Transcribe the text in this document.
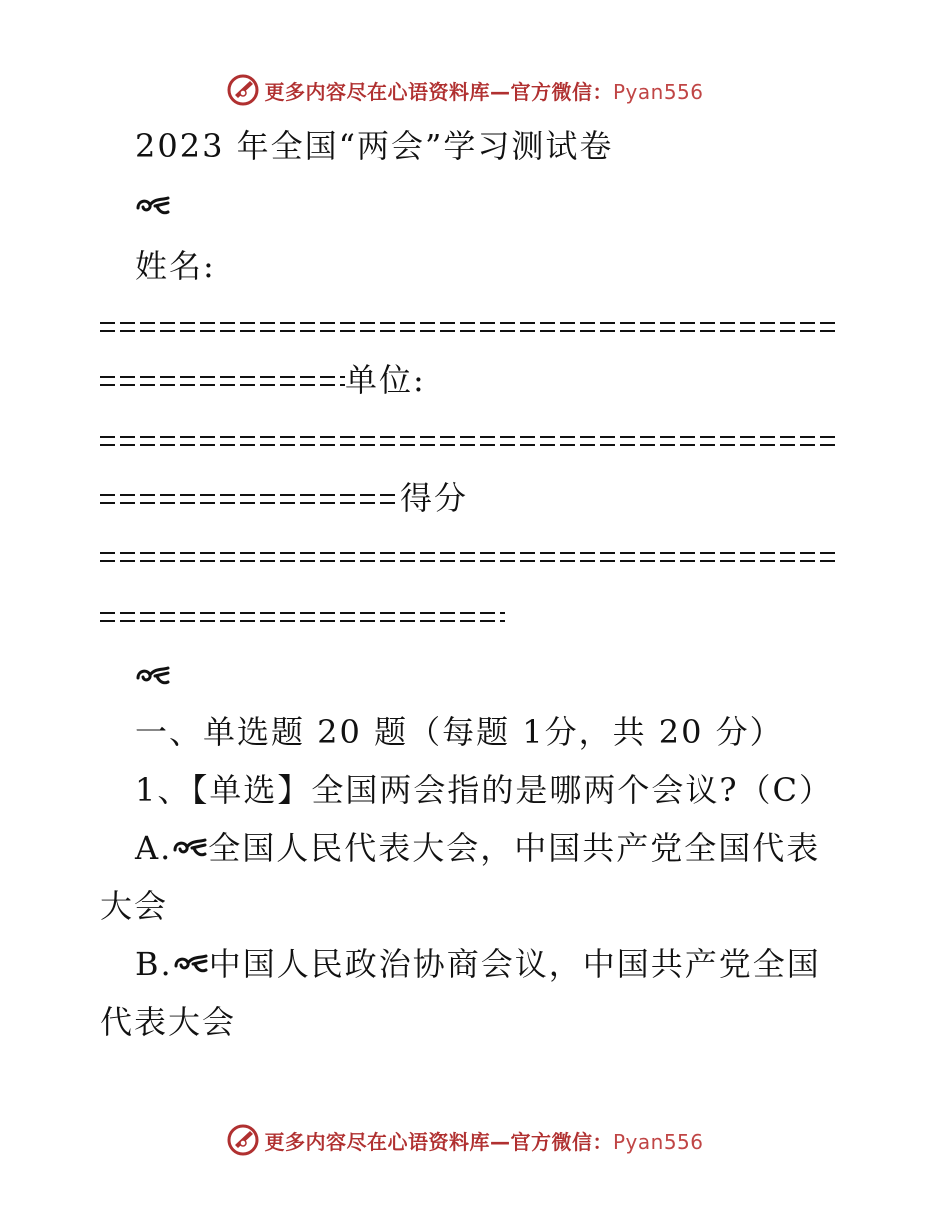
更多内容尽在心语资料库—官方微信：Pyan556
2023 年全国“两会”学习测试卷
姓名:
单位:
得分
一、单选题 20 题（每题 1分，共 20 分）
1、【单选】全国两会指的是哪两个会议?（C）
A. 全国人民代表大会，中国共产党全国代表
大会
B. 中国人民政治协商会议，中国共产党全国
代表大会
更多内容尽在心语资料库—官方微信：Pyan556
